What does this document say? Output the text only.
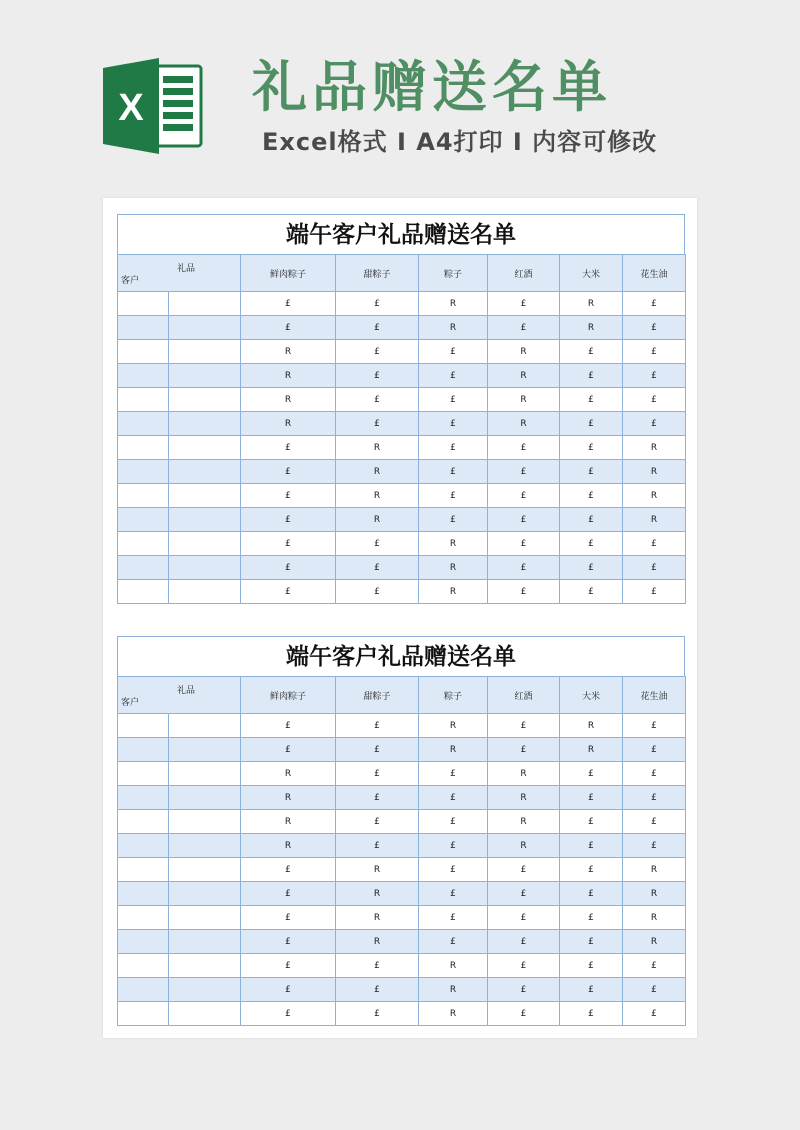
X 礼品赠送名单
Excel格式 I A4打印 I 内容可修改
端午客户礼品赠送名单
礼品
客户		鲜肉粽子	甜粽子	粽子	红酒	大米	花生油
		£	£	R	£	R	£
		£	£	R	£	R	£
		R	£	£	R	£	£
		R	£	£	R	£	£
		R	£	£	R	£	£
		R	£	£	R	£	£
		£	R	£	£	£	R
		£	R	£	£	£	R
		£	R	£	£	£	R
		£	R	£	£	£	R
		£	£	R	£	£	£
		£	£	R	£	£	£
		£	£	R	£	£	£
端午客户礼品赠送名单
礼品
客户		鲜肉粽子	甜粽子	粽子	红酒	大米	花生油
		£	£	R	£	R	£
		£	£	R	£	R	£
		R	£	£	R	£	£
		R	£	£	R	£	£
		R	£	£	R	£	£
		R	£	£	R	£	£
		£	R	£	£	£	R
		£	R	£	£	£	R
		£	R	£	£	£	R
		£	R	£	£	£	R
		£	£	R	£	£	£
		£	£	R	£	£	£
		£	£	R	£	£	£
